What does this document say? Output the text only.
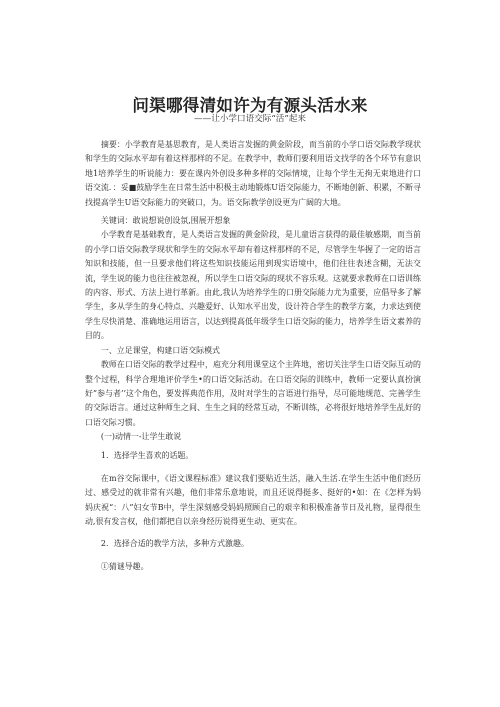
问渠哪得清如许为有源头活水来
——让小学口语交际“活”起来

摘要：小学教育是基思教育，是人类语言发掘的黄金阶段，而当前的小学口语交际教学现状和学生的交际水平却有着这样那样的不足。在教学中，教师们要利用语文找学的各个环节有意识地1培养学生的听说能力：要在课内外创设多种多样的交际情境，让每个学生无拘无束地进行口语交流．：妥■鼓励学生在日常生活中积极主动地锻炼U语交际能力，不断地创新、积累，不断寻找提高学生U语交际能力的突破口，为。语交际教学创设更为广阔的大地。

关键词：敢说想说创设氛,围展开想象

小学教育是基础教育，是人类语言发掘的黄金阶段，是儿童语言获得的最佳敏感期，而当前的小学口语交际教学现状和学生的交际水平却有着这样那样的不足，尽管学生华握了一定的语言知识和技能，但一旦要求他们将这些知识技能运用到现实语境中，他们往往表述含糊，无法交流，学生说的能力也往往被忽视，所以学生口语交际的现状不容乐观。这就要求教师在口语训练的内容、形式、方法上进行革新。由此,我认为培养学生的口册交际能力尤为重要，应倡导多了解学生，多从学生的身心特点、兴趣爱好、认知水平出发，设计符合学生的教学方案，力求达到使学生尽快消楚、准确地运用语言，以达到提高低年级学生口语交际的能力，培养学生语文素养的目的。

一、立足课堂，构建口语交际模式

教师在口语交际的教学过程中，庖充分利用课堂这个主阵地，密切关注学生口语交际互动的整个过程，科学合理地评价学生•的口语交际活动。在口语交际的训练中，教师一定要认真扮演好”参与者’’这个角色，要发挥典范作用，及时对学生的言语进行指导，尽可能地规范、完善学生的交际语言。通过这种师生之间、生生之间的经常互动，不断训练，必将很好地培养学生乩好的口语交际习惯。

(一)动情一-让学生敢说

1．选择学生喜欢的话题。

在m谷交际课中，《语文课程标准》建议我们要贴近生活，融入生活.在学生生活中他们经历过、感受过的就非常有兴趣，他们非常乐意地说，而且还说得挺多、挺好的•如：在《怎样为妈妈庆祝“：八”妇女节B中，学生深刻感受妈妈照顾自己的艰辛和积极准备节日及礼物，显得很生动,很有发言权，他们都把自以亲身经历说得更生动、更实在。

2．选择合适的教学方法，多种方式激趣。

①猜谜导趣。
